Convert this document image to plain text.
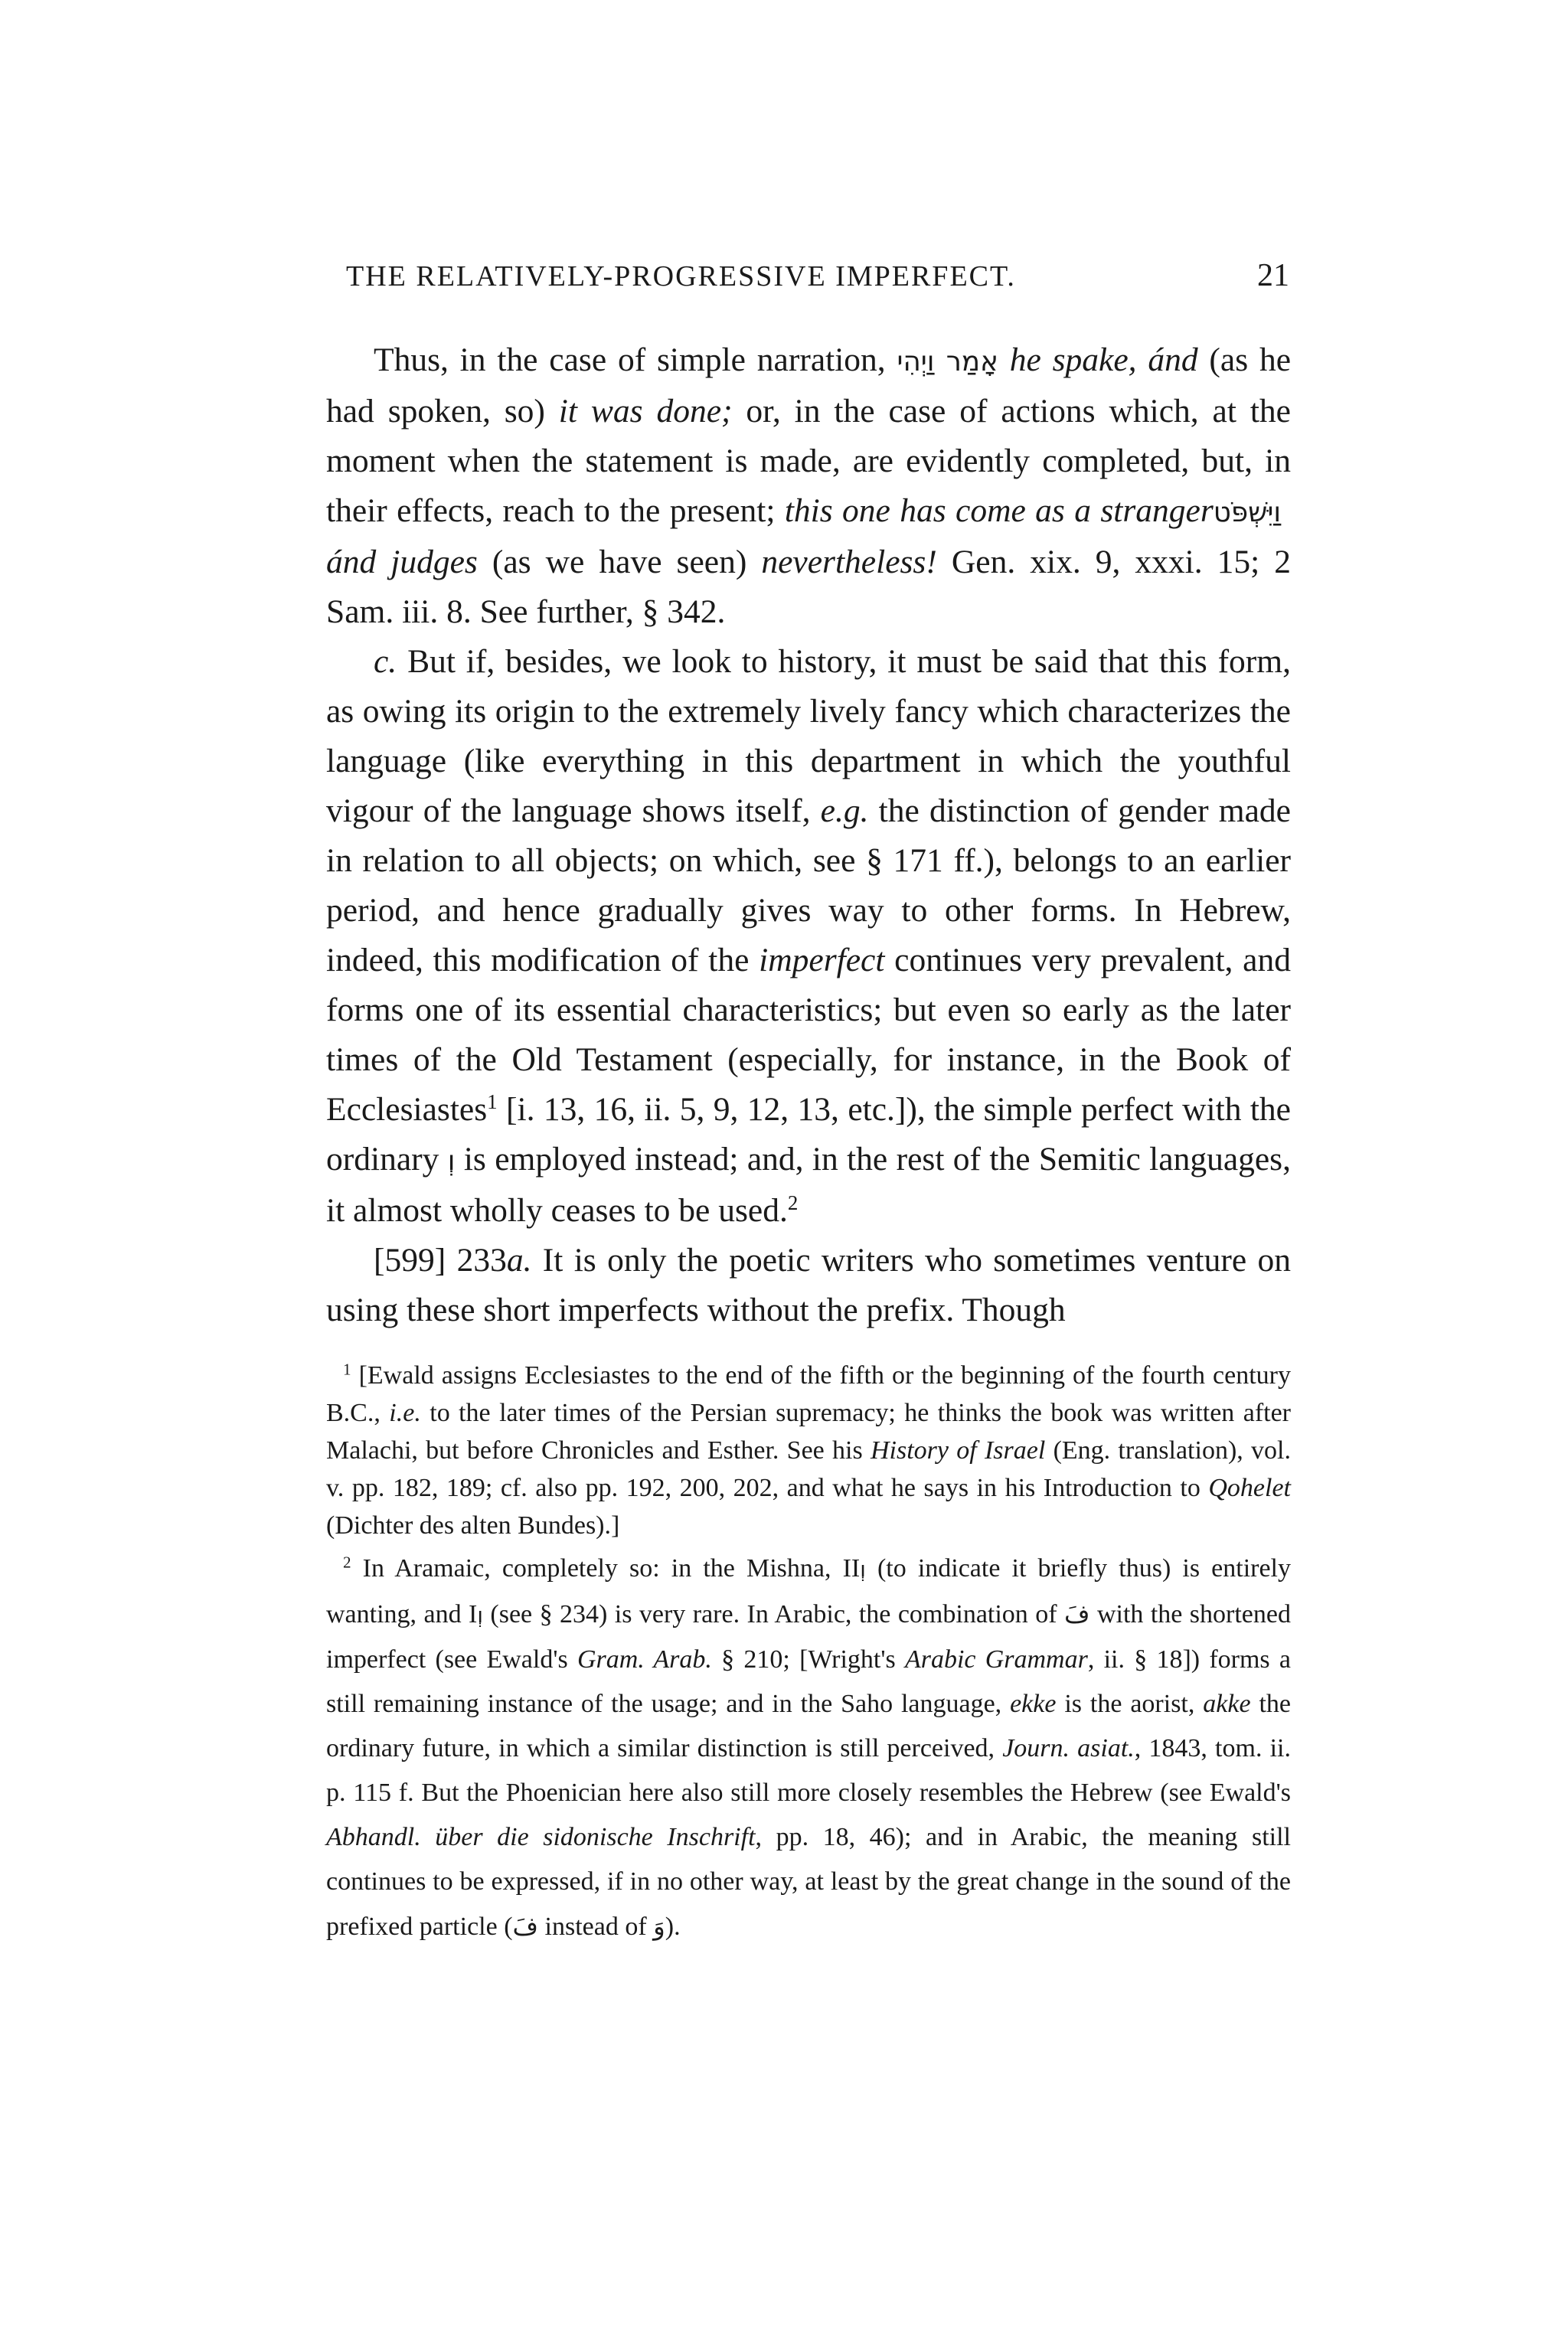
THE RELATIVELY-PROGRESSIVE IMPERFECT.	21

Thus, in the case of simple narration, אָמַר וַיְהִי he spake, ánd (as he had spoken, so) it was done; or, in the case of actions which, at the moment when the statement is made, are evidently completed, but, in their effects, reach to the present; this one has come as a stranger וַיִּשְׁפֹּט ánd judges (as we have seen) nevertheless! Gen. xix. 9, xxxi. 15; 2 Sam. iii. 8. See further, § 342.

c. But if, besides, we look to history, it must be said that this form, as owing its origin to the extremely lively fancy which characterizes the language (like everything in this department in which the youthful vigour of the language shows itself, e.g. the distinction of gender made in relation to all objects; on which, see § 171 ff.), belongs to an earlier period, and hence gradually gives way to other forms. In Hebrew, indeed, this modification of the imperfect continues very prevalent, and forms one of its essential characteristics; but even so early as the later times of the Old Testament (especially, for instance, in the Book of Ecclesiastes$^1$ [i. 13, 16, ii. 5, 9, 12, 13, etc.]), the simple perfect with the ordinary וְ is employed instead; and, in the rest of the Semitic languages, it almost wholly ceases to be used.$^2$

[599] 233a. It is only the poetic writers who sometimes venture on using these short imperfects without the prefix. Though

$^1$ [Ewald assigns Ecclesiastes to the end of the fifth or the beginning of the fourth century B.C., i.e. to the later times of the Persian supremacy; he thinks the book was written after Malachi, but before Chronicles and Esther. See his History of Israel (Eng. translation), vol. v. pp. 182, 189; cf. also pp. 192, 200, 202, and what he says in his Introduction to Qohelet (Dichter des alten Bundes).]

$^2$ In Aramaic, completely so: in the Mishna, IIוְ (to indicate it briefly thus) is entirely wanting, and Iוְ (see § 234) is very rare. In Arabic, the combination of فَ with the shortened imperfect (see Ewald's Gram. Arab. § 210; [Wright's Arabic Grammar, ii. § 18]) forms a still remaining instance of the usage; and in the Saho language, ekke is the aorist, akke the ordinary future, in which a similar distinction is still perceived, Journ. asiat., 1843, tom. ii. p. 115 f. But the Phoenician here also still more closely resembles the Hebrew (see Ewald's Abhandl. über die sidonische Inschrift, pp. 18, 46); and in Arabic, the meaning still continues to be expressed, if in no other way, at least by the great change in the sound of the prefixed particle (فَ instead of وَ).
